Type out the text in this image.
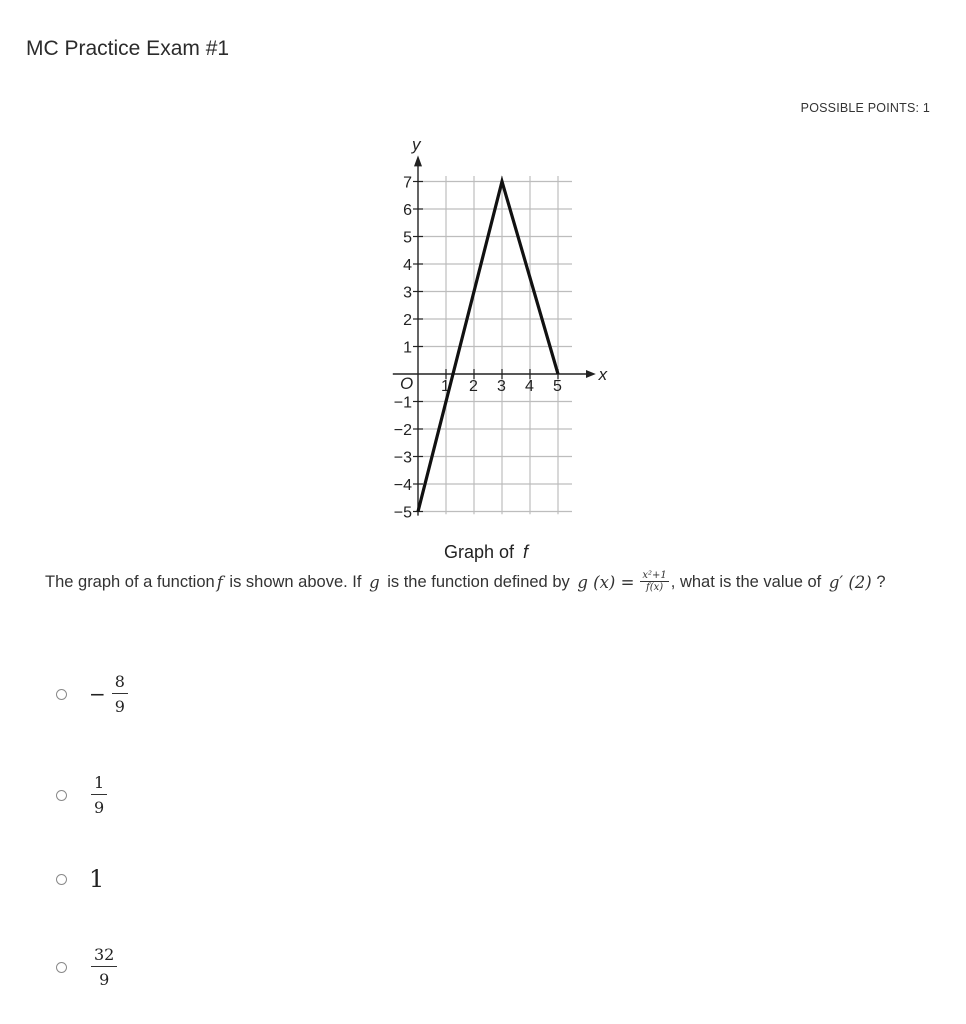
MC Practice Exam #1
POSSIBLE POINTS: 1
1 2 3 4 5
7
6
5
4
3
2
1
−1
−2
−3
−4
−5
O	x
y
Graph of f
The graph of a function f is shown above. If g is the function defined by g $(x) = \frac{\text{x²+1}}{f(x)}$ , what is the value of g′ (2) ?
− $\frac{8}{9}$
$\frac{1}{9}$
1
$\frac{32}{9}$
